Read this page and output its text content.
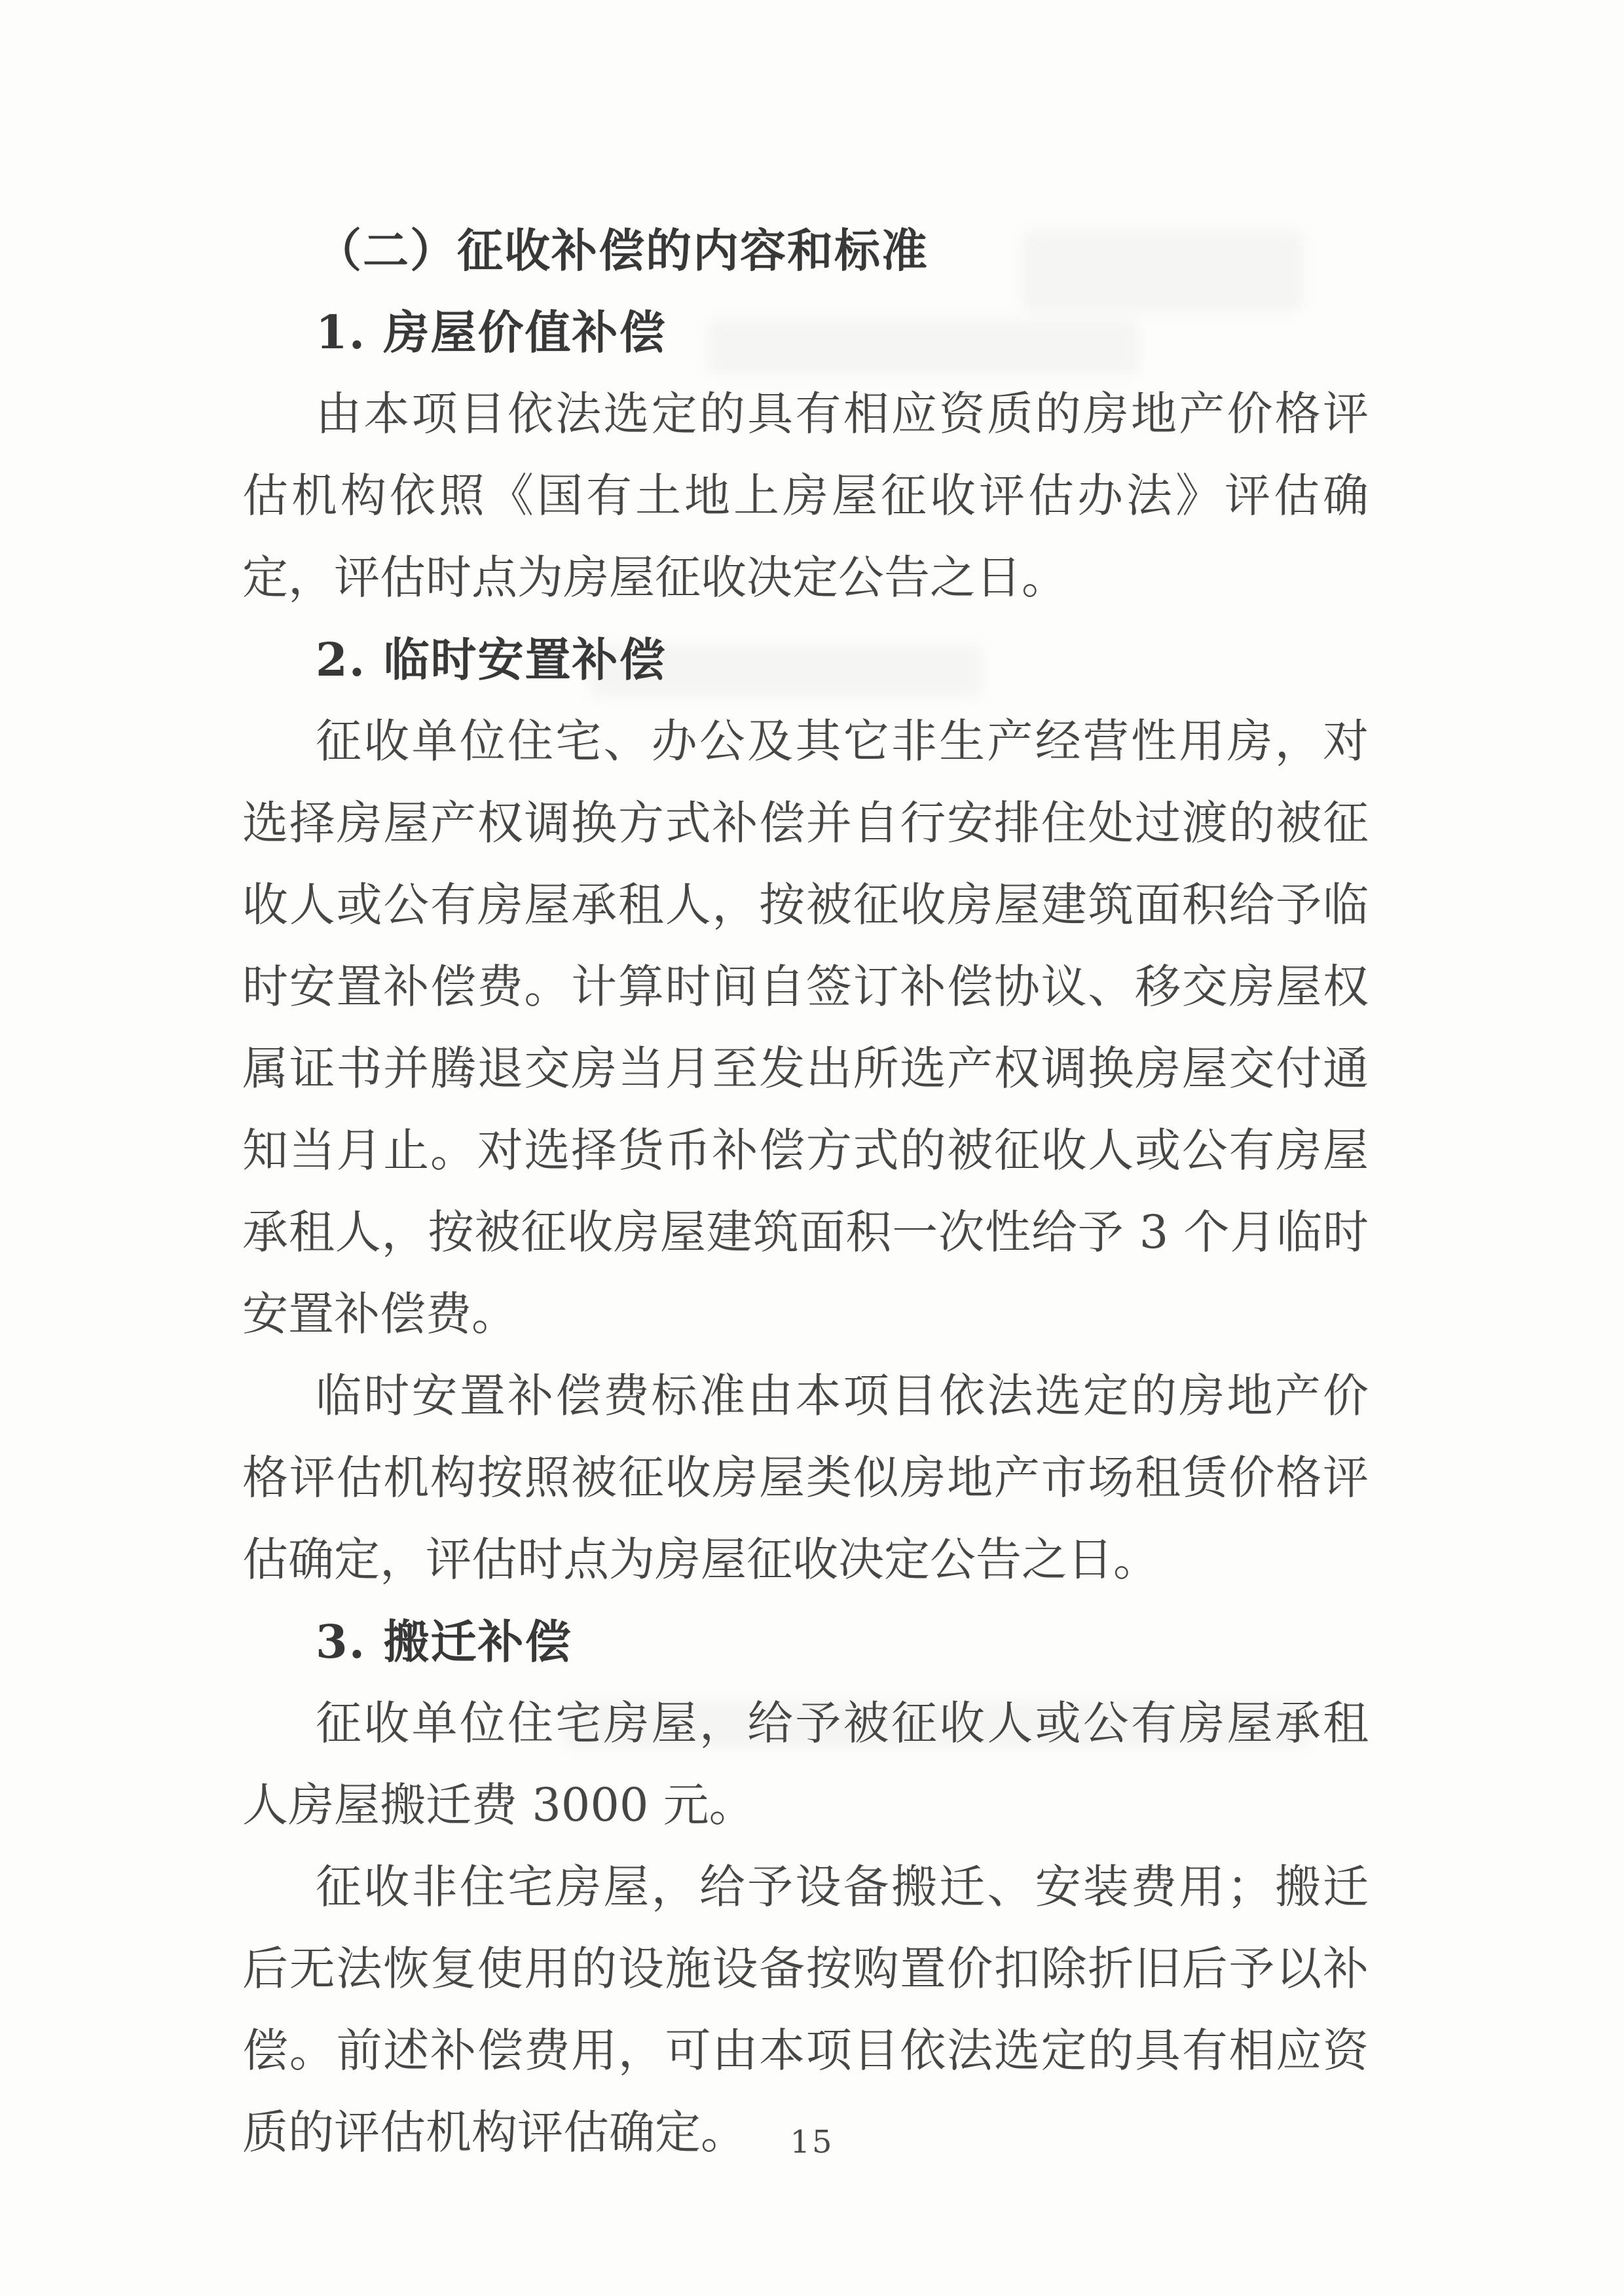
（二）征收补偿的内容和标准
1. 房屋价值补偿

由本项目依法选定的具有相应资质的房地产价格评估机构依照《国有土地上房屋征收评估办法》评估确定，评估时点为房屋征收决定公告之日。

2. 临时安置补偿

征收单位住宅、办公及其它非生产经营性用房，对选择房屋产权调换方式补偿并自行安排住处过渡的被征收人或公有房屋承租人，按被征收房屋建筑面积给予临时安置补偿费。计算时间自签订补偿协议、移交房屋权属证书并腾退交房当月至发出所选产权调换房屋交付通知当月止。对选择货币补偿方式的被征收人或公有房屋承租人，按被征收房屋建筑面积一次性给予 3 个月临时安置补偿费。

临时安置补偿费标准由本项目依法选定的房地产价格评估机构按照被征收房屋类似房地产市场租赁价格评估确定，评估时点为房屋征收决定公告之日。

3. 搬迁补偿

征收单位住宅房屋，给予被征收人或公有房屋承租人房屋搬迁费 3000 元。

征收非住宅房屋，给予设备搬迁、安装费用；搬迁后无法恢复使用的设施设备按购置价扣除折旧后予以补偿。前述补偿费用，可由本项目依法选定的具有相应资质的评估机构评估确定。	15
